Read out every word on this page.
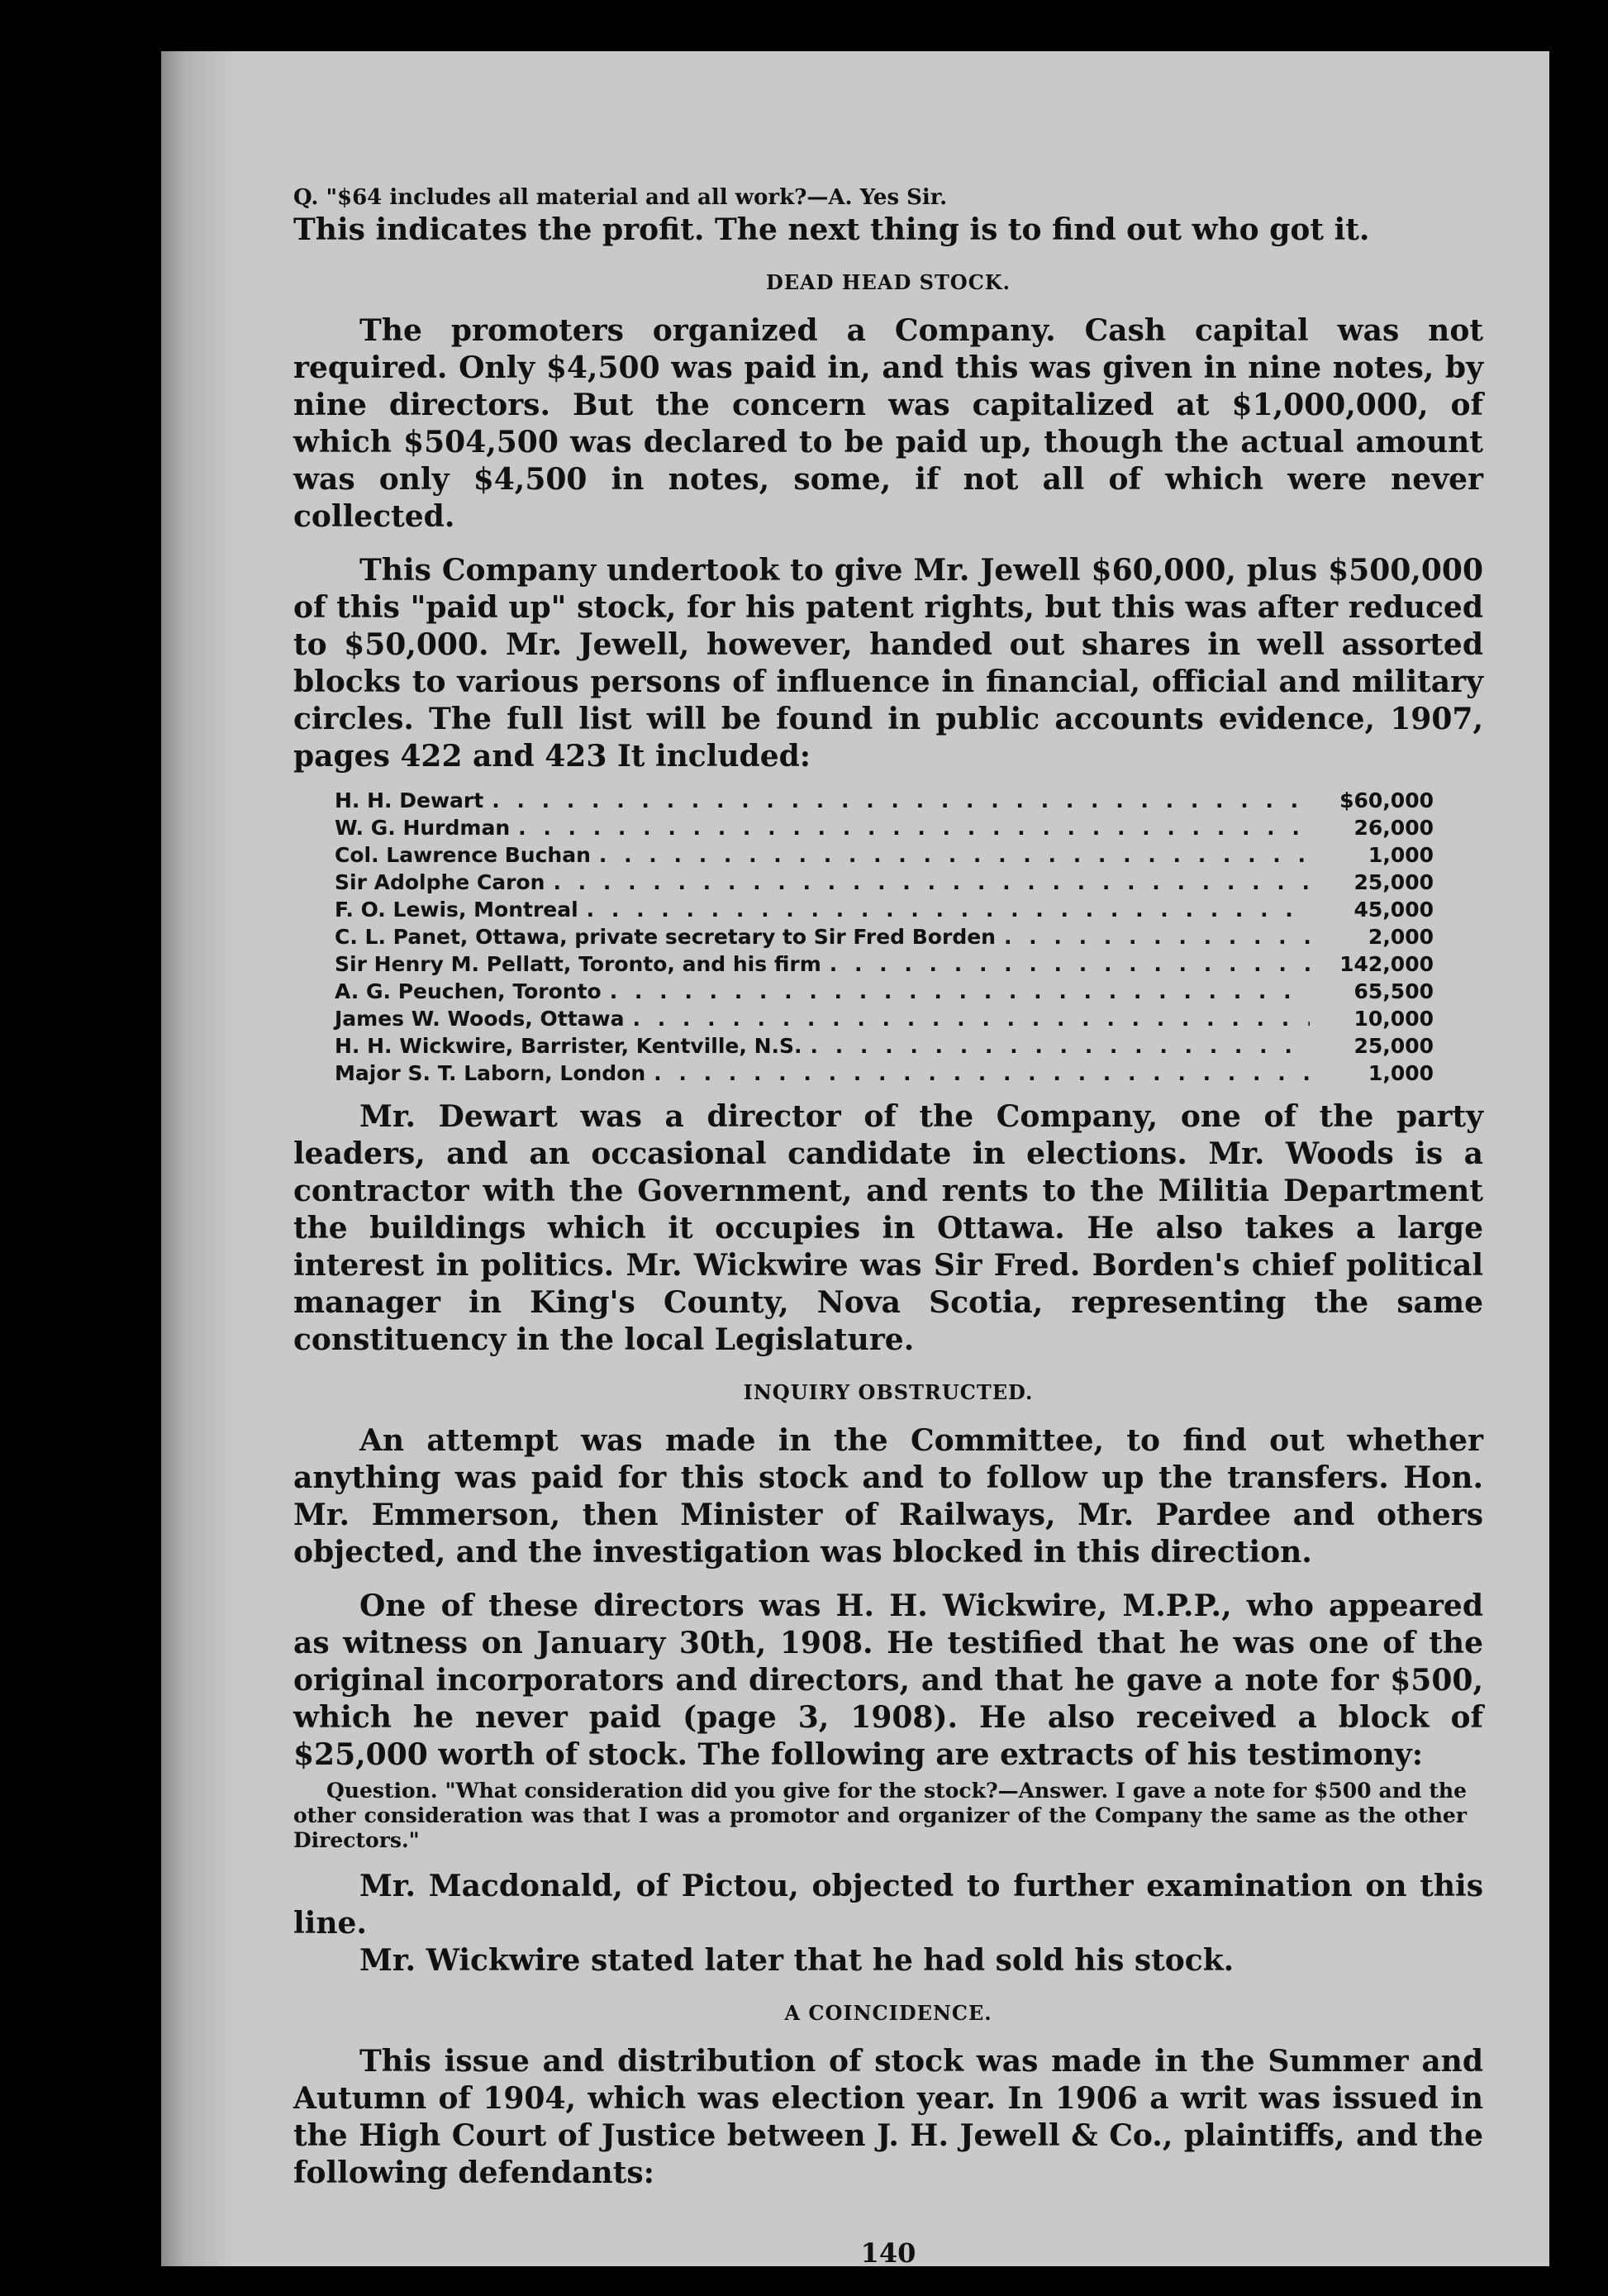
Q. "$64 includes all material and all work?—A. Yes Sir.

This indicates the profit. The next thing is to find out who got it.

DEAD HEAD STOCK.

The promoters organized a Company. Cash capital was not required. Only $4,500 was paid in, and this was given in nine notes, by nine directors. But the concern was capitalized at $1,000,000, of which $504,500 was declared to be paid up, though the actual amount was only $4,500 in notes, some, if not all of which were never collected.

This Company undertook to give Mr. Jewell $60,000, plus $500,000 of this "paid up" stock, for his patent rights, but this was after reduced to $50,000. Mr. Jewell, however, handed out shares in well assorted blocks to various persons of influence in financial, official and military circles. The full list will be found in public accounts evidence, 1907, pages 422 and 423 It included:

H. H. Dewart . . .	$60,000
W. G. Hurdman . . .	26,000
Col. Lawrence Buchan . . .	1,000
Sir Adolphe Caron . . .	25,000
F. O. Lewis, Montreal . . .	45,000
C. L. Panet, Ottawa, private secretary to Sir Fred Borden . . .	2,000
Sir Henry M. Pellatt, Toronto, and his firm . . .	142,000
A. G. Peuchen, Toronto . . .	65,500
James W. Woods, Ottawa . . .	10,000
H. H. Wickwire, Barrister, Kentville, N.S. . . .	25,000
Major S. T. Laborn, London . . .	1,000

Mr. Dewart was a director of the Company, one of the party leaders, and an occasional candidate in elections. Mr. Woods is a contractor with the Government, and rents to the Militia Department the buildings which it occupies in Ottawa. He also takes a large interest in politics. Mr. Wickwire was Sir Fred. Borden's chief political manager in King's County, Nova Scotia, representing the same constituency in the local Legislature.

INQUIRY OBSTRUCTED.

An attempt was made in the Committee, to find out whether anything was paid for this stock and to follow up the transfers. Hon. Mr. Emmerson, then Minister of Railways, Mr. Pardee and others objected, and the investigation was blocked in this direction.

One of these directors was H. H. Wickwire, M.P.P., who appeared as witness on January 30th, 1908. He testified that he was one of the original incorporators and directors, and that he gave a note for $500, which he never paid (page 3, 1908). He also received a block of $25,000 worth of stock. The following are extracts of his testimony:

Question. "What consideration did you give for the stock?—Answer. I gave a note for $500 and the other consideration was that I was a promotor and organizer of the Company the same as the other Directors."

Mr. Macdonald, of Pictou, objected to further examination on this line.

Mr. Wickwire stated later that he had sold his stock.

A COINCIDENCE.

This issue and distribution of stock was made in the Summer and Autumn of 1904, which was election year. In 1906 a writ was issued in the High Court of Justice between J. H. Jewell & Co., plaintiffs, and the following defendants:

140
